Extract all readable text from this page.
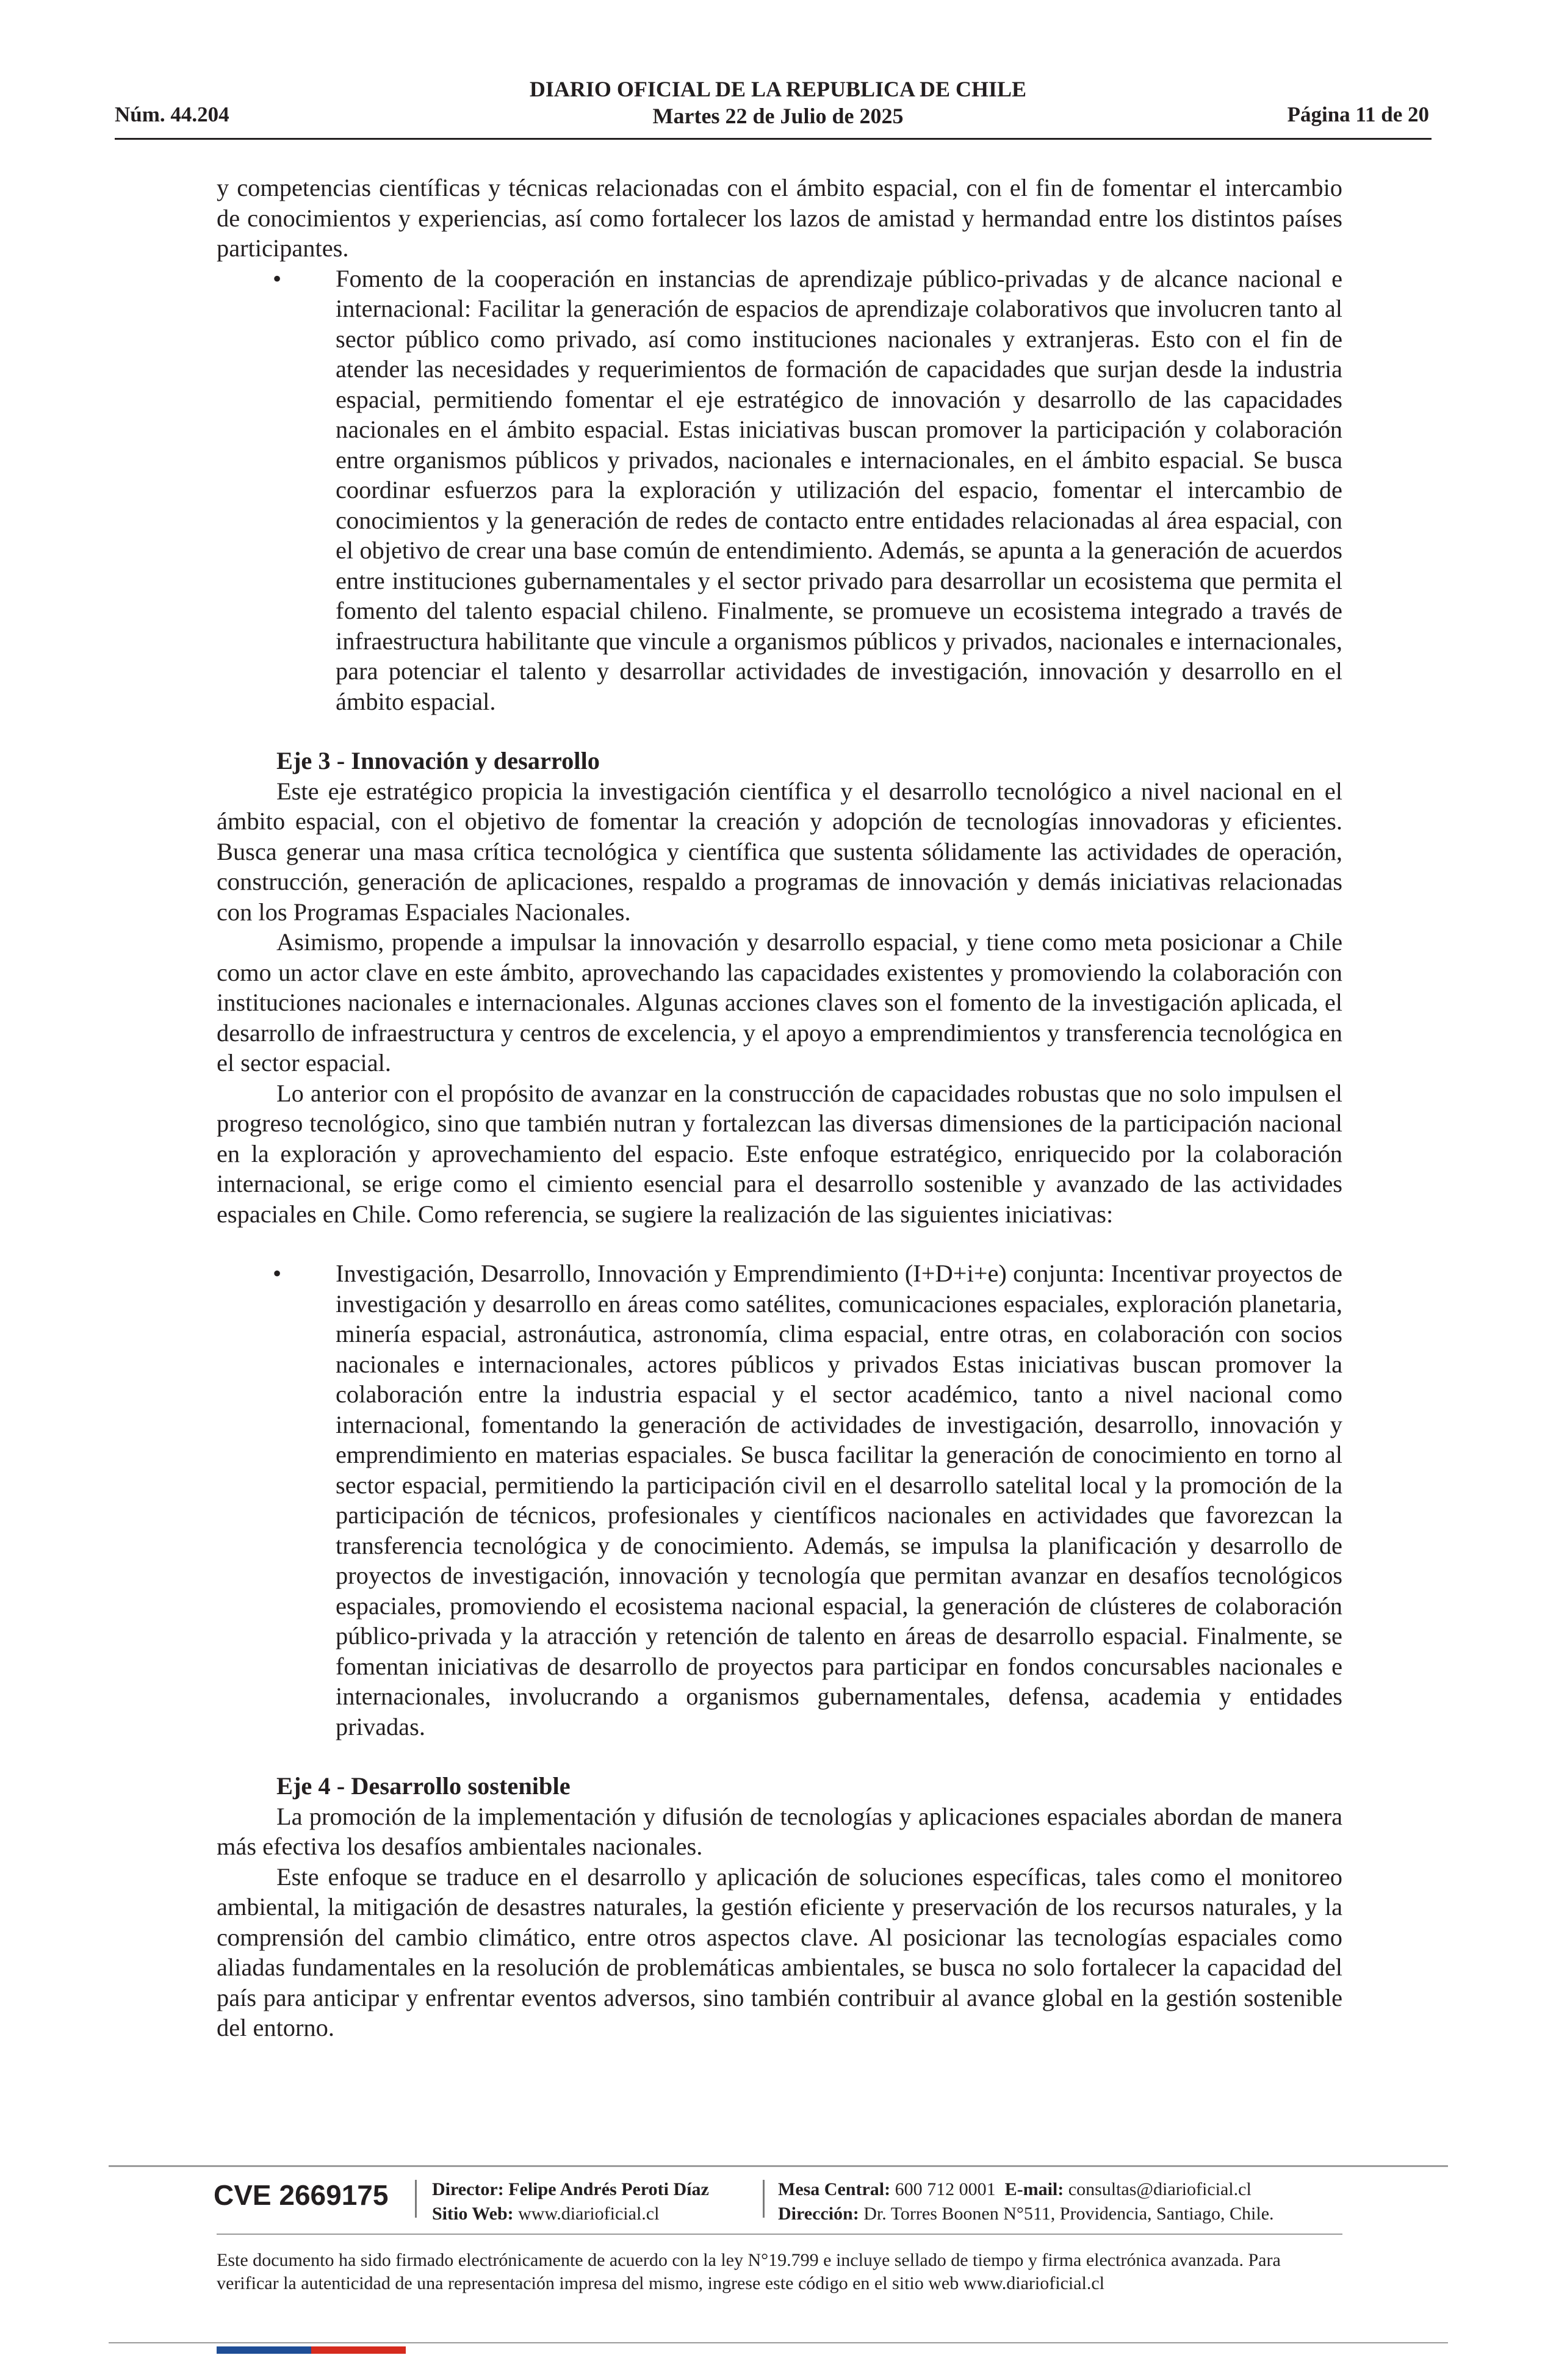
Núm. 44.204
DIARIO OFICIAL DE LA REPUBLICA DE CHILE
Martes 22 de Julio de 2025	Página 11 de 20

y competencias científicas y técnicas relacionadas con el ámbito espacial, con el fin de fomentar el intercambio de conocimientos y experiencias, así como fortalecer los lazos de amistad y hermandad entre los distintos países participantes.

• Fomento de la cooperación en instancias de aprendizaje público-privadas y de alcance nacional e internacional: Facilitar la generación de espacios de aprendizaje colaborativos que involucren tanto al sector público como privado, así como instituciones nacionales y extranjeras. Esto con el fin de atender las necesidades y requerimientos de formación de capacidades que surjan desde la industria espacial, permitiendo fomentar el eje estratégico de innovación y desarrollo de las capacidades nacionales en el ámbito espacial. Estas iniciativas buscan promover la participación y colaboración entre organismos públicos y privados, nacionales e internacionales, en el ámbito espacial. Se busca coordinar esfuerzos para la exploración y utilización del espacio, fomentar el intercambio de conocimientos y la generación de redes de contacto entre entidades relacionadas al área espacial, con el objetivo de crear una base común de entendimiento. Además, se apunta a la generación de acuerdos entre instituciones gubernamentales y el sector privado para desarrollar un ecosistema que permita el fomento del talento espacial chileno. Finalmente, se promueve un ecosistema integrado a través de infraestructura habilitante que vincule a organismos públicos y privados, nacionales e internacionales, para potenciar el talento y desarrollar actividades de investigación, innovación y desarrollo en el ámbito espacial.

Eje 3 - Innovación y desarrollo

Este eje estratégico propicia la investigación científica y el desarrollo tecnológico a nivel nacional en el ámbito espacial, con el objetivo de fomentar la creación y adopción de tecnologías innovadoras y eficientes. Busca generar una masa crítica tecnológica y científica que sustenta sólidamente las actividades de operación, construcción, generación de aplicaciones, respaldo a programas de innovación y demás iniciativas relacionadas con los Programas Espaciales Nacionales.

Asimismo, propende a impulsar la innovación y desarrollo espacial, y tiene como meta posicionar a Chile como un actor clave en este ámbito, aprovechando las capacidades existentes y promoviendo la colaboración con instituciones nacionales e internacionales. Algunas acciones claves son el fomento de la investigación aplicada, el desarrollo de infraestructura y centros de excelencia, y el apoyo a emprendimientos y transferencia tecnológica en el sector espacial.

Lo anterior con el propósito de avanzar en la construcción de capacidades robustas que no solo impulsen el progreso tecnológico, sino que también nutran y fortalezcan las diversas dimensiones de la participación nacional en la exploración y aprovechamiento del espacio. Este enfoque estratégico, enriquecido por la colaboración internacional, se erige como el cimiento esencial para el desarrollo sostenible y avanzado de las actividades espaciales en Chile. Como referencia, se sugiere la realización de las siguientes iniciativas:

• Investigación, Desarrollo, Innovación y Emprendimiento (I+D+i+e) conjunta: Incentivar proyectos de investigación y desarrollo en áreas como satélites, comunicaciones espaciales, exploración planetaria, minería espacial, astronáutica, astronomía, clima espacial, entre otras, en colaboración con socios nacionales e internacionales, actores públicos y privados Estas iniciativas buscan promover la colaboración entre la industria espacial y el sector académico, tanto a nivel nacional como internacional, fomentando la generación de actividades de investigación, desarrollo, innovación y emprendimiento en materias espaciales. Se busca facilitar la generación de conocimiento en torno al sector espacial, permitiendo la participación civil en el desarrollo satelital local y la promoción de la participación de técnicos, profesionales y científicos nacionales en actividades que favorezcan la transferencia tecnológica y de conocimiento. Además, se impulsa la planificación y desarrollo de proyectos de investigación, innovación y tecnología que permitan avanzar en desafíos tecnológicos espaciales, promoviendo el ecosistema nacional espacial, la generación de clústeres de colaboración público-privada y la atracción y retención de talento en áreas de desarrollo espacial. Finalmente, se fomentan iniciativas de desarrollo de proyectos para participar en fondos concursables nacionales e internacionales, involucrando a organismos gubernamentales, defensa, academia y entidades privadas.

Eje 4 - Desarrollo sostenible

La promoción de la implementación y difusión de tecnologías y aplicaciones espaciales abordan de manera más efectiva los desafíos ambientales nacionales.

Este enfoque se traduce en el desarrollo y aplicación de soluciones específicas, tales como el monitoreo ambiental, la mitigación de desastres naturales, la gestión eficiente y preservación de los recursos naturales, y la comprensión del cambio climático, entre otros aspectos clave. Al posicionar las tecnologías espaciales como aliadas fundamentales en la resolución de problemáticas ambientales, se busca no solo fortalecer la capacidad del país para anticipar y enfrentar eventos adversos, sino también contribuir al avance global en la gestión sostenible del entorno.

CVE 2669175 Director: Felipe Andrés Peroti Díaz
Sitio Web: www.diarioficial.cl
Mesa Central: 600 712 0001 E-mail: consultas@diarioficial.cl
Dirección: Dr. Torres Boonen N°511, Providencia, Santiago, Chile.
Este documento ha sido firmado electrónicamente de acuerdo con la ley N°19.799 e incluye sellado de tiempo y firma electrónica avanzada. Para verificar la autenticidad de una representación impresa del mismo, ingrese este código en el sitio web www.diarioficial.cl
